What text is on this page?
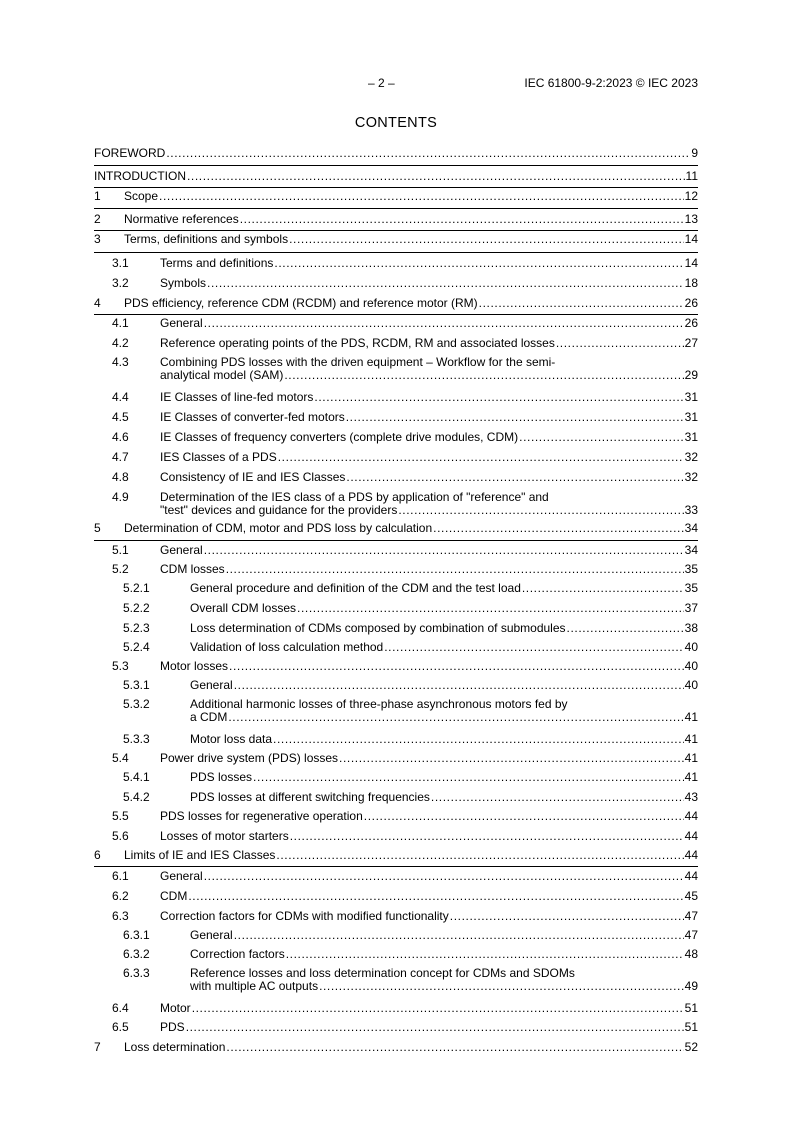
– 2 –	IEC 61800-9-2:2023 © IEC 2023
CONTENTS
FOREWORD .....	9
INTRODUCTION .....	11
1 Scope .....	12
2 Normative references .....	13
3 Terms, definitions and symbols .....	14
3.1	Terms and definitions .....	14
3.2	Symbols .....	18
4 PDS efficiency, reference CDM (RCDM) and reference motor (RM) .....	26
4.1	General .....	26
4.2	Reference operating points of the PDS, RCDM, RM and associated losses .....	27
4.3	Combining PDS losses with the driven equipment – Workflow for the semi-
analytical model (SAM) .....	29
4.4	IE Classes of line-fed motors .....	31
4.5	IE Classes of converter-fed motors .....	31
4.6	IE Classes of frequency converters (complete drive modules, CDM) .....	31
4.7	IES Classes of a PDS .....	32
4.8	Consistency of IE and IES Classes .....	32
4.9	Determination of the IES class of a PDS by application of "reference" and
"test" devices and guidance for the providers .....	33
5 Determination of CDM, motor and PDS loss by calculation .....	34
5.1	General .....	34
5.2	CDM losses .....	35
5.2.1	General procedure and definition of the CDM and the test load .....	35
5.2.2	Overall CDM losses .....	37
5.2.3	Loss determination of CDMs composed by combination of submodules .....	38
5.2.4	Validation of loss calculation method .....	40
5.3	Motor losses .....	40
5.3.1	General .....	40
5.3.2	Additional harmonic losses of three-phase asynchronous motors fed by
a CDM .....	41
5.3.3	Motor loss data .....	41
5.4	Power drive system (PDS) losses .....	41
5.4.1	PDS losses .....	41
5.4.2	PDS losses at different switching frequencies .....	43
5.5	PDS losses for regenerative operation .....	44
5.6	Losses of motor starters .....	44
6 Limits of IE and IES Classes .....	44
6.1	General .....	44
6.2	CDM .....	45
6.3	Correction factors for CDMs with modified functionality .....	47
6.3.1	General .....	47
6.3.2	Correction factors .....	48
6.3.3	Reference losses and loss determination concept for CDMs and SDOMs
with multiple AC outputs .....	49
6.4	Motor .....	51
6.5	PDS .....	51
7 Loss determination .....	52
